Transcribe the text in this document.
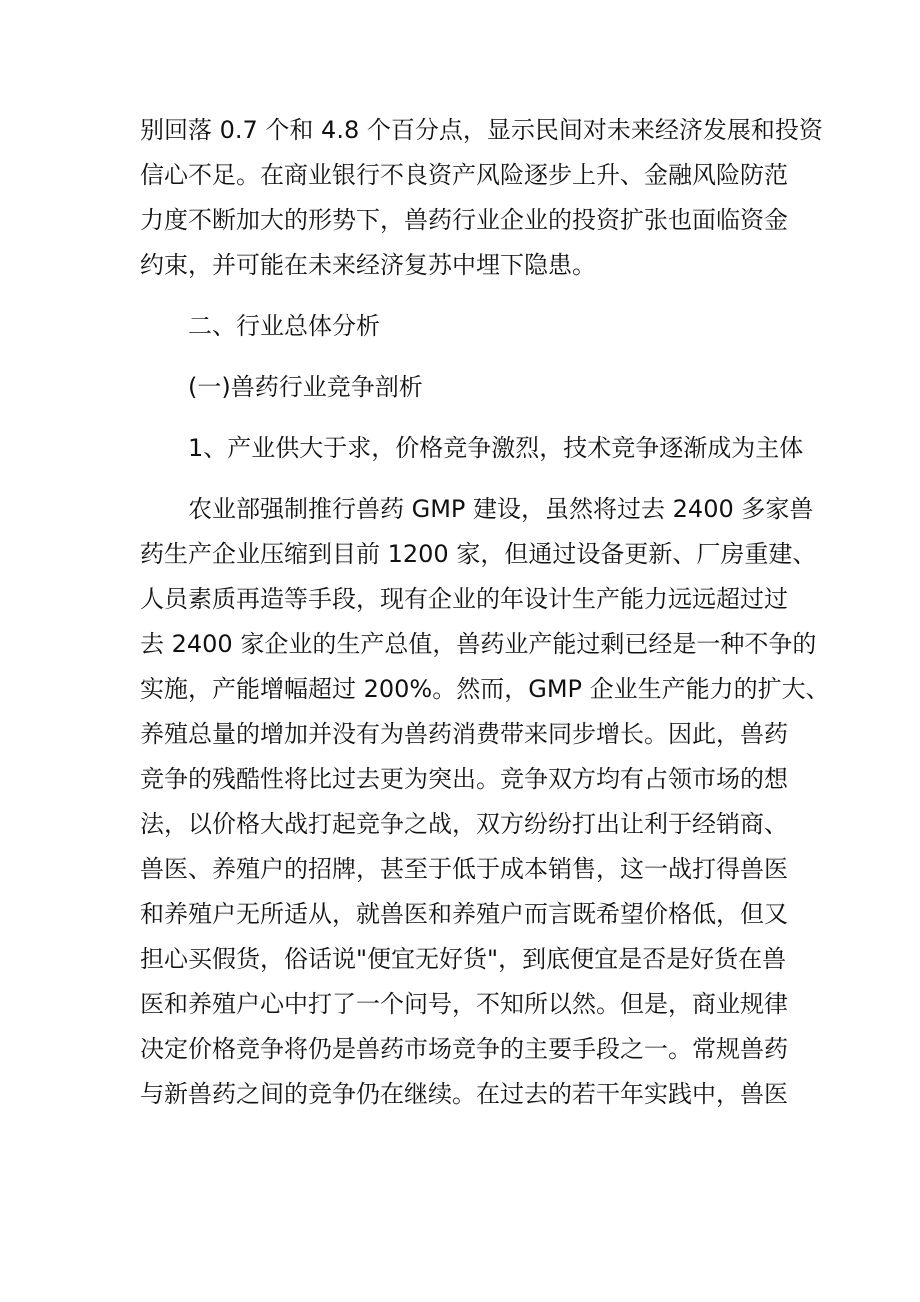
别回落 0.7 个和 4.8 个百分点，显示民间对未来经济发展和投资
信心不足。在商业银行不良资产风险逐步上升、金融风险防范
力度不断加大的形势下，兽药行业企业的投资扩张也面临资金
约束，并可能在未来经济复苏中埋下隐患。
二、行业总体分析
(一)兽药行业竞争剖析
1、产业供大于求，价格竞争激烈，技术竞争逐渐成为主体
农业部强制推行兽药 GMP 建设，虽然将过去 2400 多家兽
药生产企业压缩到目前 1200 家，但通过设备更新、厂房重建、
人员素质再造等手段，现有企业的年设计生产能力远远超过过
去 2400 家企业的生产总值，兽药业产能过剩已经是一种不争的
实施，产能增幅超过 200%。然而，GMP 企业生产能力的扩大、
养殖总量的增加并没有为兽药消费带来同步增长。因此，兽药
竞争的残酷性将比过去更为突出。竞争双方均有占领市场的想
法，以价格大战打起竞争之战，双方纷纷打出让利于经销商、
兽医、养殖户的招牌，甚至于低于成本销售，这一战打得兽医
和养殖户无所适从，就兽医和养殖户而言既希望价格低，但又
担心买假货，俗话说"便宜无好货"，到底便宜是否是好货在兽
医和养殖户心中打了一个问号，不知所以然。但是，商业规律
决定价格竞争将仍是兽药市场竞争的主要手段之一。常规兽药
与新兽药之间的竞争仍在继续。在过去的若干年实践中，兽医
